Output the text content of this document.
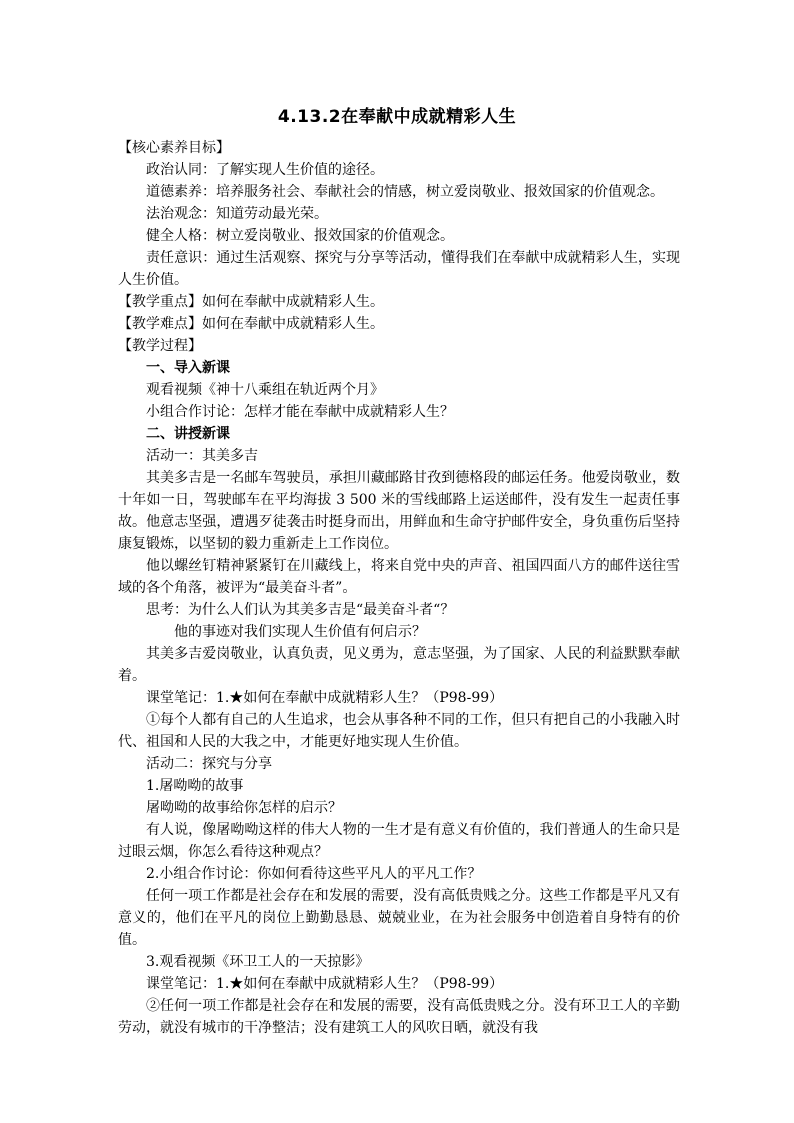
4.13.2在奉献中成就精彩人生

【核心素养目标】

政治认同：了解实现人生价值的途径。

道德素养：培养服务社会、奉献社会的情感，树立爱岗敬业、报效国家的价值观念。

法治观念：知道劳动最光荣。

健全人格：树立爱岗敬业、报效国家的价值观念。

责任意识：通过生活观察、探究与分享等活动，懂得我们在奉献中成就精彩人生，实现人生价值。

【教学重点】如何在奉献中成就精彩人生。

【教学难点】如何在奉献中成就精彩人生。

【教学过程】

一、导入新课

观看视频《神十八乘组在轨近两个月》

小组合作讨论：怎样才能在奉献中成就精彩人生？

二、讲授新课

活动一：其美多吉

其美多吉是一名邮车驾驶员，承担川藏邮路甘孜到德格段的邮运任务。他爱岗敬业，数十年如一日，驾驶邮车在平均海拔 3 500 米的雪线邮路上运送邮件，没有发生一起责任事故。他意志坚强，遭遇歹徒袭击时挺身而出，用鲜血和生命守护邮件安全，身负重伤后坚持康复锻炼，以坚韧的毅力重新走上工作岗位。

他以螺丝钉精神紧紧钉在川藏线上，将来自党中央的声音、祖国四面八方的邮件送往雪域的各个角落，被评为“最美奋斗者”。

思考：为什么人们认为其美多吉是“最美奋斗者“？

他的事迹对我们实现人生价值有何启示？

其美多吉爱岗敬业，认真负责，见义勇为，意志坚强，为了国家、人民的利益默默奉献着。

课堂笔记：1.★如何在奉献中成就精彩人生？（P98-99）

①每个人都有自己的人生追求，也会从事各种不同的工作，但只有把自己的小我融入时代、祖国和人民的大我之中，才能更好地实现人生价值。

活动二：探究与分享

1.屠呦呦的故事

屠呦呦的故事给你怎样的启示？

有人说，像屠呦呦这样的伟大人物的一生才是有意义有价值的，我们普通人的生命只是过眼云烟，你怎么看待这种观点？

2.小组合作讨论：你如何看待这些平凡人的平凡工作？

任何一项工作都是社会存在和发展的需要，没有高低贵贱之分。这些工作都是平凡又有意义的，他们在平凡的岗位上勤勤恳恳、兢兢业业，在为社会服务中创造着自身特有的价值。

3.观看视频《环卫工人的一天掠影》

课堂笔记：1.★如何在奉献中成就精彩人生？（P98-99）

②任何一项工作都是社会存在和发展的需要，没有高低贵贱之分。没有环卫工人的辛勤劳动，就没有城市的干净整洁；没有建筑工人的风吹日晒，就没有我
